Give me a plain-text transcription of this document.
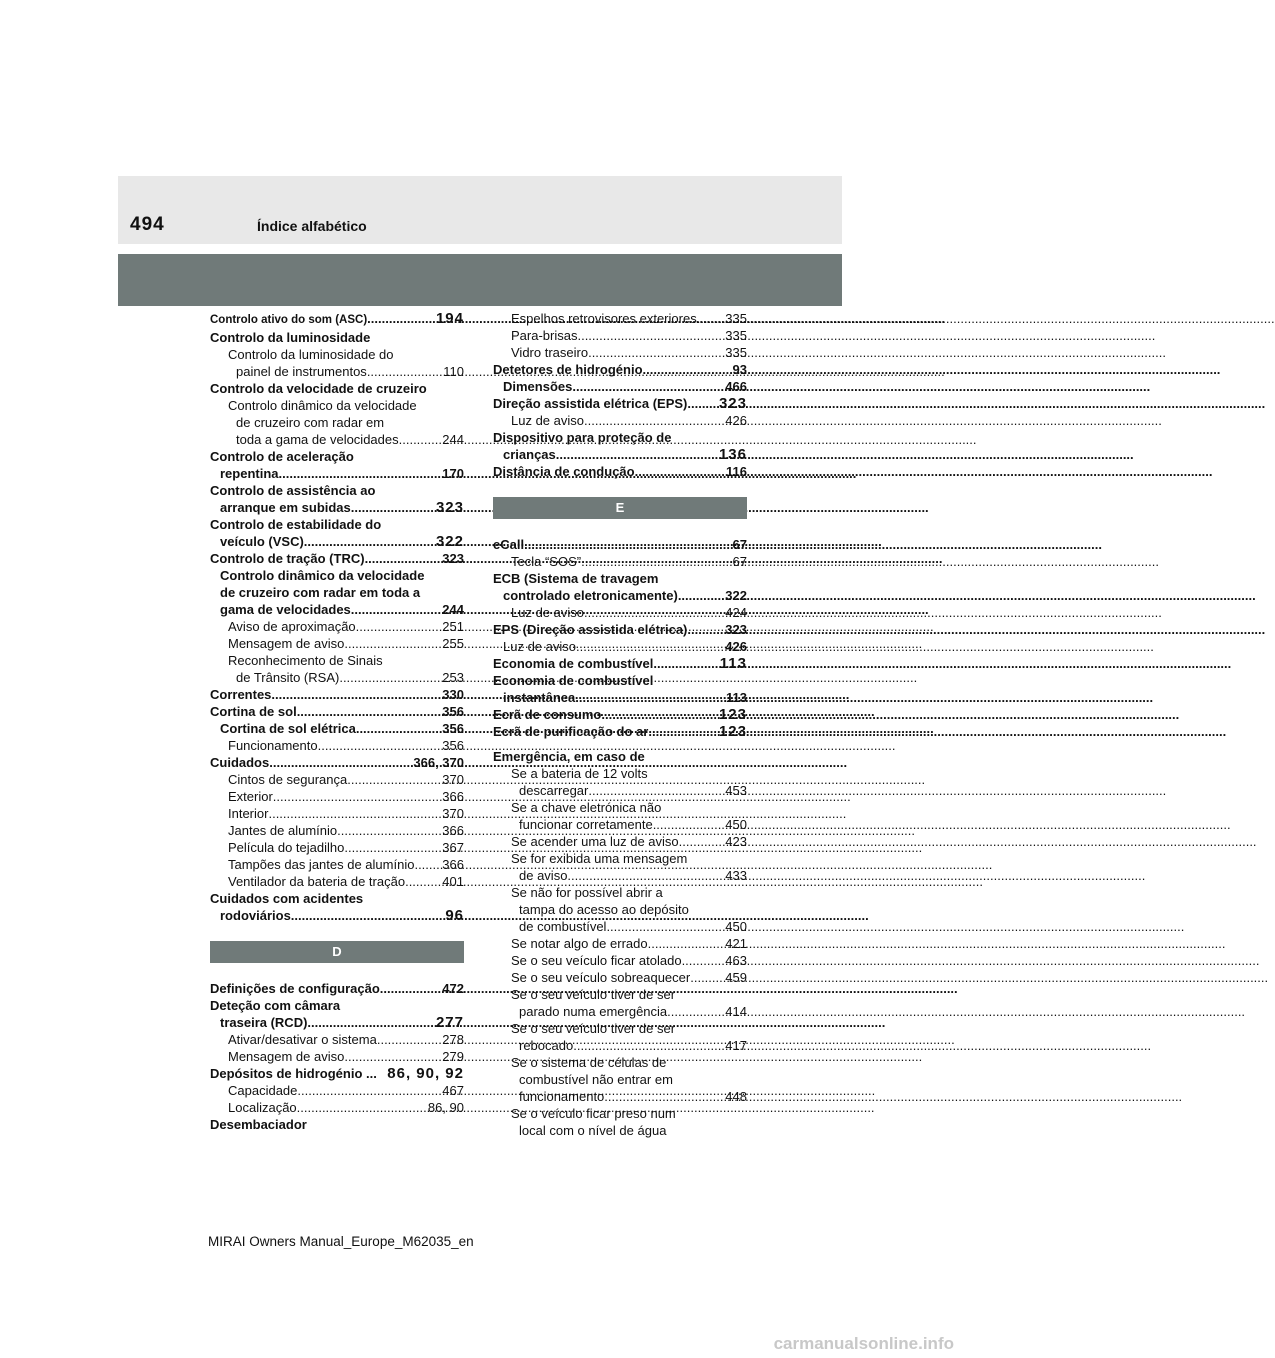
494	Índice alfabético
Controlo ativo do som (ASC) .....	194
Controlo da luminosidade
Controlo da luminosidade do
painel de instrumentos .....	110
Controlo da velocidade de cruzeiro
Controlo dinâmico da velocidade
de cruzeiro com radar em
toda a gama de velocidades .....	244
Controlo de aceleração
repentina .....	170
Controlo de assistência ao
arranque em subidas .....	323
Controlo de estabilidade do
veículo (VSC) .....	322
Controlo de tração (TRC) .....	323
Controlo dinâmico da velocidade
de cruzeiro com radar em toda a
gama de velocidades .....	244
Aviso de aproximação .....	251
Mensagem de aviso .....	255
Reconhecimento de Sinais
de Trânsito (RSA) .....	253
Correntes .....	330
Cortina de sol .....	356
Cortina de sol elétrica .....	356
Funcionamento .....	356
Cuidados .....	366, 370
Cintos de segurança .....	370
Exterior .....	366
Interior .....	370
Jantes de alumínio .....	366
Película do tejadilho .....	367
Tampões das jantes de alumínio ..... 366
Ventilador da bateria de tração .....	401
Cuidados com acidentes
rodoviários .....	96
D
Definições de configuração .....	472
Deteção com câmara
traseira (RCD) .....	277
Ativar/desativar o sistema .....	278
Mensagem de aviso .....	279
Depósitos de hidrogénio ... 86, 90, 92
Capacidade .....	467
Localização .....	86, 90
Desembaciador
Espelhos retrovisores exteriores ..... 335
Para-brisas .....	335
Vidro traseiro .....	335
Detetores de hidrogénio .....	93
Dimensões .....	466
Direção assistida elétrica (EPS) ..... 323
Luz de aviso .....	426
Dispositivo para proteção de
crianças .....	136
Distância de condução .....	116
E
eCall .....	67
Tecla “SOS” .....	67
ECB (Sistema de travagem
controlado eletronicamente) .....	322
Luz de aviso .....	424
EPS (Direção assistida elétrica) .....	323
Luz de aviso .....	426
Economia de combustível .....	113
Economia de combustível
instantânea .....	113
Ecrã de consumo .....	123
Ecrã de purificação do ar .....	123
Emergência, em caso de
Se a bateria de 12 volts
descarregar .....	453
Se a chave eletrónica não
funcionar corretamente .....	450
Se acender uma luz de aviso .....	423
Se for exibida uma mensagem
de aviso .....	433
Se não for possível abrir a
tampa do acesso ao depósito
de combustível .....	450
Se notar algo de errado .....	421
Se o seu veículo ficar atolado .....	463
Se o seu veículo sobreaquecer .....	459
Se o seu veículo tiver de ser
parado numa emergência .....	414
Se o seu veículo tiver de ser
rebocado .....	417
Se o sistema de células de
combustível não entrar em
funcionamento .....	448
Se o veículo ficar preso num
local com o nível de água
MIRAI Owners Manual_Europe_M62035_en
carmanualsonline.info
